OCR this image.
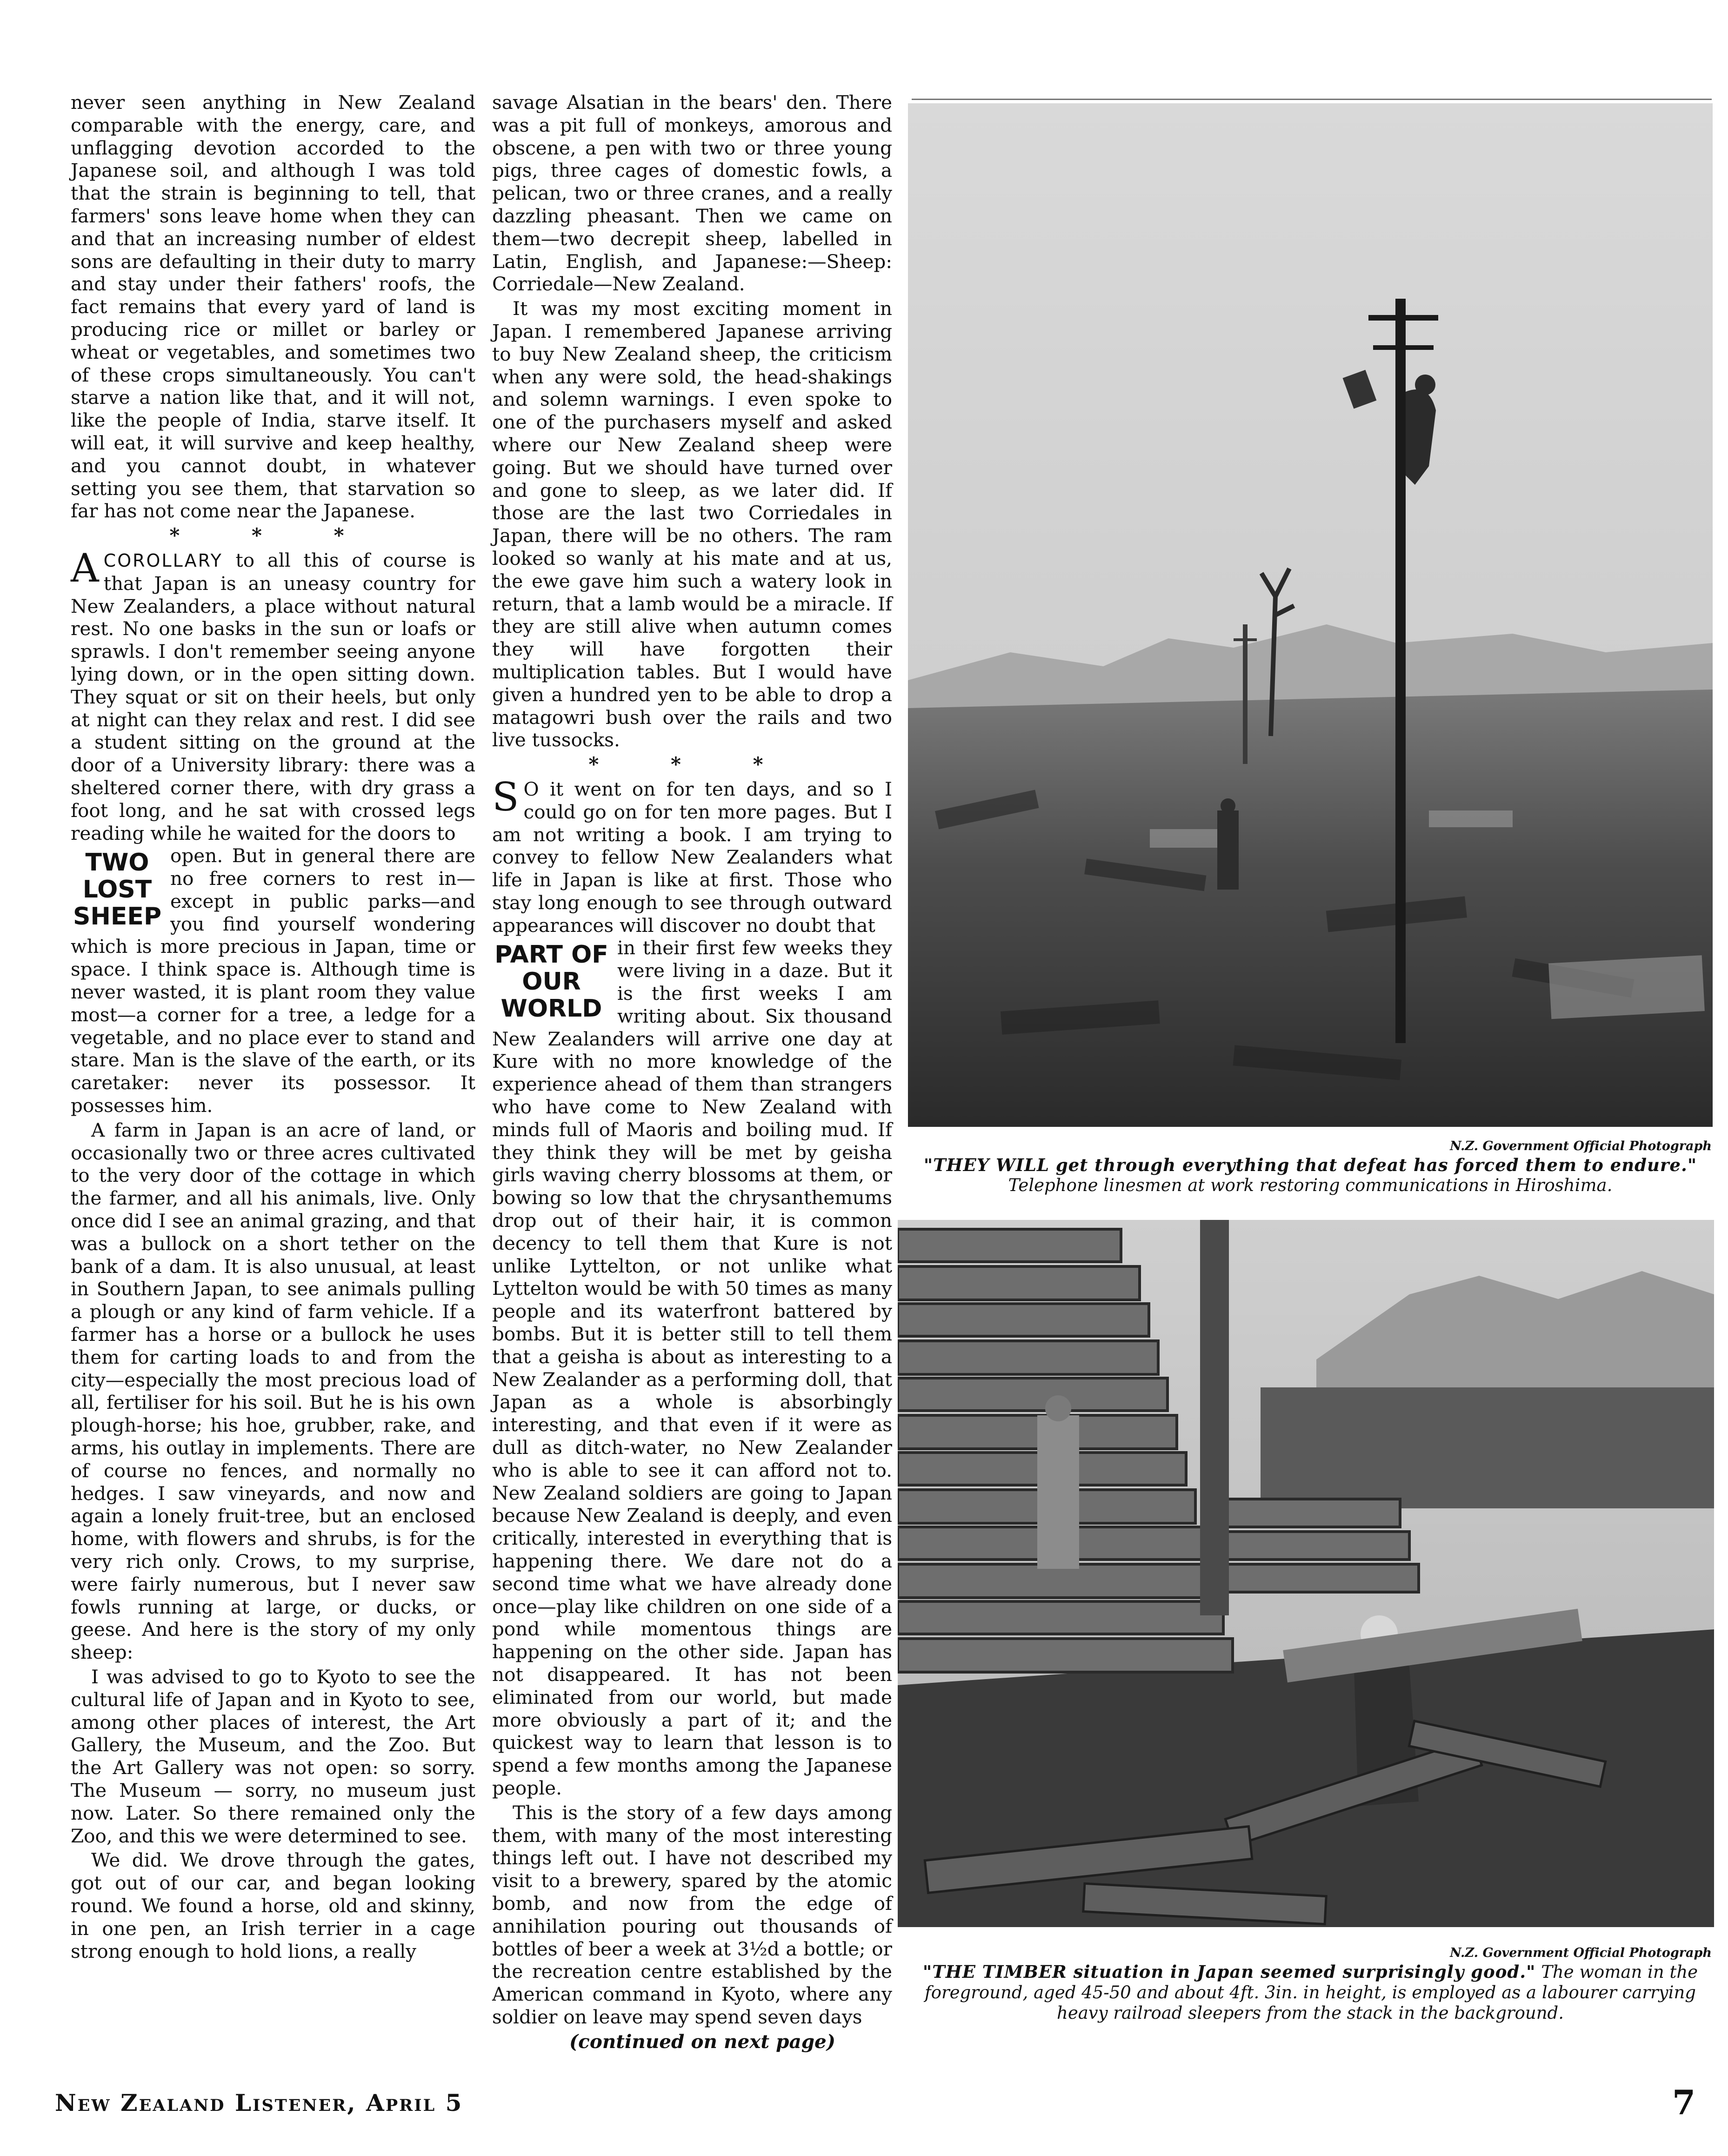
never seen anything in New Zealand comparable with the energy, care, and unflagging devotion accorded to the Japanese soil, and although I was told that the strain is beginning to tell, that farmers' sons leave home when they can and that an increasing number of eldest sons are defaulting in their duty to marry and stay under their fathers' roofs, the fact remains that every yard of land is producing rice or millet or barley or wheat or vegetables, and sometimes two of these crops simultaneously. You can't starve a nation like that, and it will not, like the people of India, starve itself. It will eat, it will survive and keep healthy, and you cannot doubt, in whatever setting you see them, that starvation so far has not come near the Japanese.

* * *

ACOROLLARY to all this of course is that Japan is an uneasy country for New Zealanders, a place without natural rest. No one basks in the sun or loafs or sprawls. I don't remember seeing anyone lying down, or in the open sitting down. They squat or sit on their heels, but only at night can they relax and rest. I did see a student sitting on the ground at the door of a University library: there was a sheltered corner there, with dry grass a foot long, and he sat with crossed legs reading while he waited for the doors to

TWO
LOST
SHEEP
open. But in general there are no free corners to rest in—except in public parks—and you find yourself wondering which is more precious in Japan, time or space. I think space is. Although time is never wasted, it is plant room they value most—a corner for a tree, a ledge for a vegetable, and no place ever to stand and stare. Man is the slave of the earth, or its caretaker: never its possessor. It possesses him.

A farm in Japan is an acre of land, or occasionally two or three acres cultivated to the very door of the cottage in which the farmer, and all his animals, live. Only once did I see an animal grazing, and that was a bullock on a short tether on the bank of a dam. It is also unusual, at least in Southern Japan, to see animals pulling a plough or any kind of farm vehicle. If a farmer has a horse or a bullock he uses them for carting loads to and from the city—especially the most precious load of all, fertiliser for his soil. But he is his own plough-horse; his hoe, grubber, rake, and arms, his outlay in implements. There are of course no fences, and normally no hedges. I saw vineyards, and now and again a lonely fruit-tree, but an enclosed home, with flowers and shrubs, is for the very rich only. Crows, to my surprise, were fairly numerous, but I never saw fowls running at large, or ducks, or geese. And here is the story of my only sheep:

I was advised to go to Kyoto to see the cultural life of Japan and in Kyoto to see, among other places of interest, the Art Gallery, the Museum, and the Zoo. But the Art Gallery was not open: so sorry. The Museum — sorry, no museum just now. Later. So there remained only the Zoo, and this we were determined to see.

We did. We drove through the gates, got out of our car, and began looking round. We found a horse, old and skinny, in one pen, an Irish terrier in a cage strong enough to hold lions, a really

savage Alsatian in the bears' den. There was a pit full of monkeys, amorous and obscene, a pen with two or three young pigs, three cages of domestic fowls, a pelican, two or three cranes, and a really dazzling pheasant. Then we came on them—two decrepit sheep, labelled in Latin, English, and Japanese:—Sheep: Corriedale—New Zealand.

It was my most exciting moment in Japan. I remembered Japanese arriving to buy New Zealand sheep, the criticism when any were sold, the head-shakings and solemn warnings. I even spoke to one of the purchasers myself and asked where our New Zealand sheep were going. But we should have turned over and gone to sleep, as we later did. If those are the last two Corriedales in Japan, there will be no others. The ram looked so wanly at his mate and at us, the ewe gave him such a watery look in return, that a lamb would be a miracle. If they are still alive when autumn comes they will have forgotten their multiplication tables. But I would have given a hundred yen to be able to drop a matagowri bush over the rails and two live tussocks.

* * *

S O it went on for ten days, and so I could go on for ten more pages. But I am not writing a book. I am trying to convey to fellow New Zealanders what life in Japan is like at first. Those who stay long enough to see through outward appearances will discover no doubt that

PART OF
OUR
WORLD
in their first few weeks they were living in a daze. But it is the first weeks I am writing about. Six thousand New Zealanders will arrive one day at Kure with no more knowledge of the experience ahead of them than strangers who have come to New Zealand with minds full of Maoris and boiling mud. If they think they will be met by geisha girls waving cherry blossoms at them, or bowing so low that the chrysanthemums drop out of their hair, it is common decency to tell them that Kure is not unlike Lyttelton, or not unlike what Lyttelton would be with 50 times as many people and its waterfront battered by bombs. But it is better still to tell them that a geisha is about as interesting to a New Zealander as a performing doll, that Japan as a whole is absorbingly interesting, and that even if it were as dull as ditch-water, no New Zealander who is able to see it can afford not to. New Zealand soldiers are going to Japan because New Zealand is deeply, and even critically, interested in everything that is happening there. We dare not do a second time what we have already done once—play like children on one side of a pond while momentous things are happening on the other side. Japan has not disappeared. It has not been eliminated from our world, but made more obviously a part of it; and the quickest way to learn that lesson is to spend a few months among the Japanese people.

This is the story of a few days among them, with many of the most interesting things left out. I have not described my visit to a brewery, spared by the atomic bomb, and now from the edge of annihilation pouring out thousands of bottles of beer a week at 3½d a bottle; or the recreation centre established by the American command in Kyoto, where any soldier on leave may spend seven days

(continued on next page)

N.Z. Government Official Photograph
"THEY WILL get through everything that defeat has forced them to endure."
Telephone linesmen at work restoring communications in Hiroshima.
N.Z. Government Official Photograph
"THE TIMBER situation in Japan seemed surprisingly good." The woman in the foreground, aged 45-50 and about 4ft. 3in. in height, is employed as a labourer carrying heavy railroad sleepers from the stack in the background.
New Zealand Listener, April 5	7
